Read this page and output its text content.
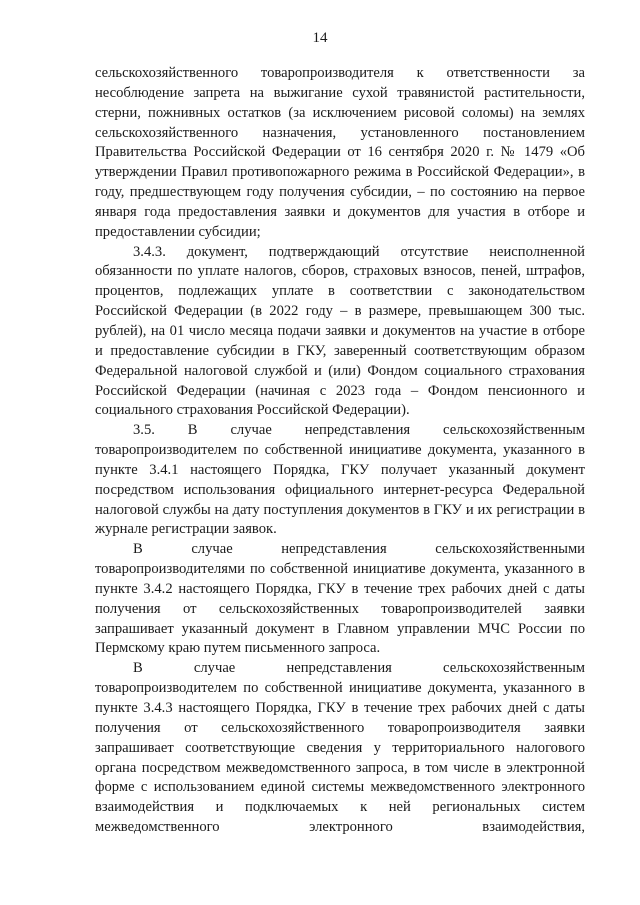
14

сельскохозяйственного товаропроизводителя к ответственности за несоблюдение запрета на выжигание сухой травянистой растительности, стерни, пожнивных остатков (за исключением рисовой соломы) на землях сельскохозяйственного назначения, установленного постановлением Правительства Российской Федерации от 16 сентября 2020 г. № 1479 «Об утверждении Правил противопожарного режима в Российской Федерации», в году, предшествующем году получения субсидии, – по состоянию на первое января года предоставления заявки и документов для участия в отборе и предоставлении субсидии;

3.4.3. документ, подтверждающий отсутствие неисполненной обязанности по уплате налогов, сборов, страховых взносов, пеней, штрафов, процентов, подлежащих уплате в соответствии с законодательством Российской Федерации (в 2022 году – в размере, превышающем 300 тыс. рублей), на 01 число месяца подачи заявки и документов на участие в отборе и предоставление субсидии в ГКУ, заверенный соответствующим образом Федеральной налоговой службой и (или) Фондом социального страхования Российской Федерации (начиная с 2023 года – Фондом пенсионного и социального страхования Российской Федерации).

3.5. В случае непредставления сельскохозяйственным товаропроизводителем по собственной инициативе документа, указанного в пункте 3.4.1 настоящего Порядка, ГКУ получает указанный документ посредством использования официального интернет-ресурса Федеральной налоговой службы на дату поступления документов в ГКУ и их регистрации в журнале регистрации заявок.

В случае непредставления сельскохозяйственными товаропроизводителями по собственной инициативе документа, указанного в пункте 3.4.2 настоящего Порядка, ГКУ в течение трех рабочих дней с даты получения от сельскохозяйственных товаропроизводителей заявки запрашивает указанный документ в Главном управлении МЧС России по Пермскому краю путем письменного запроса.

В случае непредставления сельскохозяйственным товаропроизводителем по собственной инициативе документа, указанного в пункте 3.4.3 настоящего Порядка, ГКУ в течение трех рабочих дней с даты получения от сельскохозяйственного товаропроизводителя заявки запрашивает соответствующие сведения у территориального налогового органа посредством межведомственного запроса, в том числе в электронной форме с использованием единой системы межведомственного электронного взаимодействия и подключаемых к ней региональных систем межведомственного электронного взаимодействия,
